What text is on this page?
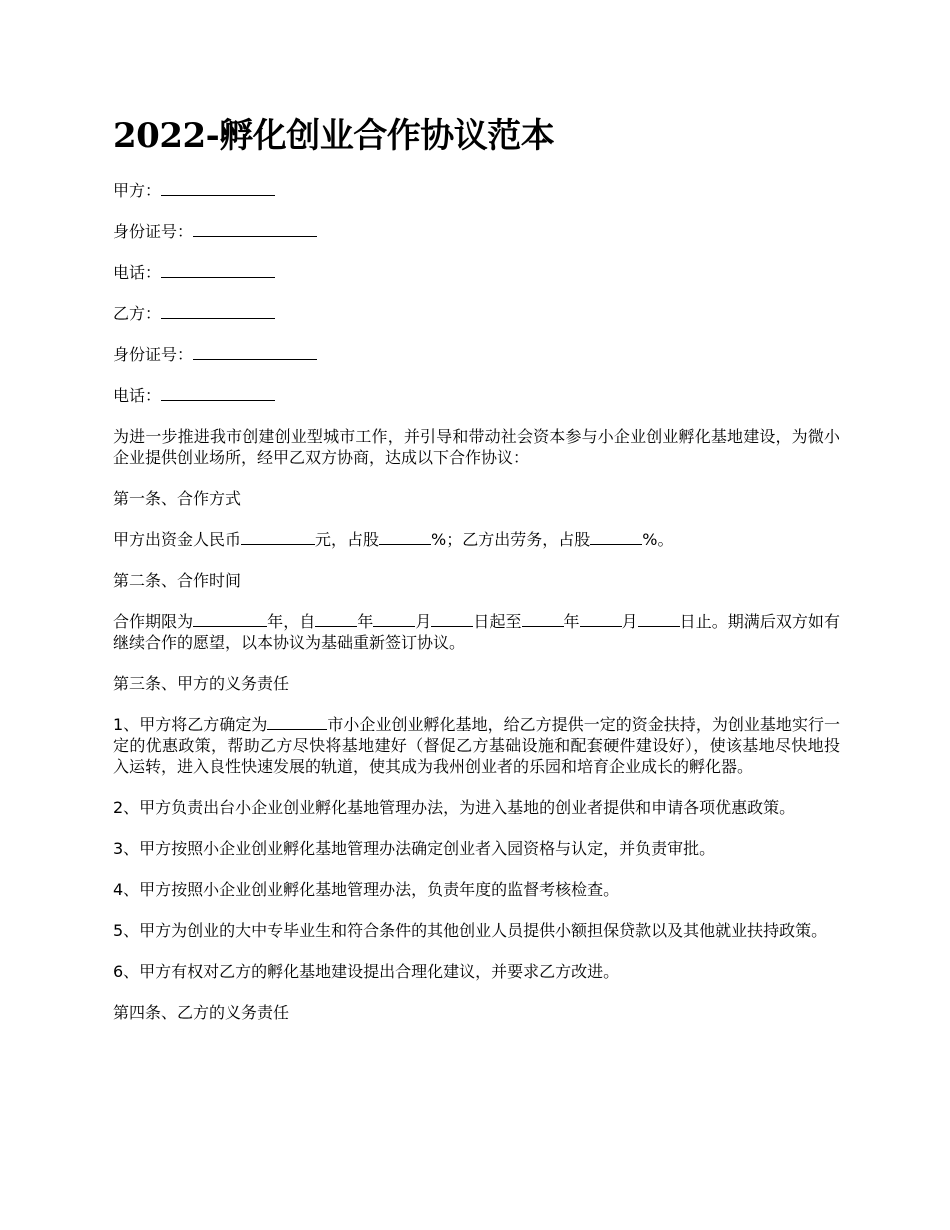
2022-孵化创业合作协议范本
甲方：
身份证号：
电话：
乙方：
身份证号：
电话：

为进一步推进我市创建创业型城市工作，并引导和带动社会资本参与小企业创业孵化基地建设，为微小企业提供创业场所，经甲乙双方协商，达成以下合作协议：

第一条、合作方式

甲方出资金人民币	元，占股	%；乙方出劳务，占股	%。

第二条、合作时间

合作期限为	年，自	年	月	日起至	年	月	日止。期满后双方如有继续合作的愿望，以本协议为基础重新签订协议。

第三条、甲方的义务责任

1、甲方将乙方确定为	市小企业创业孵化基地，给乙方提供一定的资金扶持，为创业基地实行一定的优惠政策，帮助乙方尽快将基地建好（督促乙方基础设施和配套硬件建设好），使该基地尽快地投入运转，进入良性快速发展的轨道，使其成为我州创业者的乐园和培育企业成长的孵化器。

2、甲方负责出台小企业创业孵化基地管理办法，为进入基地的创业者提供和申请各项优惠政策。

3、甲方按照小企业创业孵化基地管理办法确定创业者入园资格与认定，并负责审批。

4、甲方按照小企业创业孵化基地管理办法，负责年度的监督考核检查。

5、甲方为创业的大中专毕业生和符合条件的其他创业人员提供小额担保贷款以及其他就业扶持政策。

6、甲方有权对乙方的孵化基地建设提出合理化建议，并要求乙方改进。

第四条、乙方的义务责任
